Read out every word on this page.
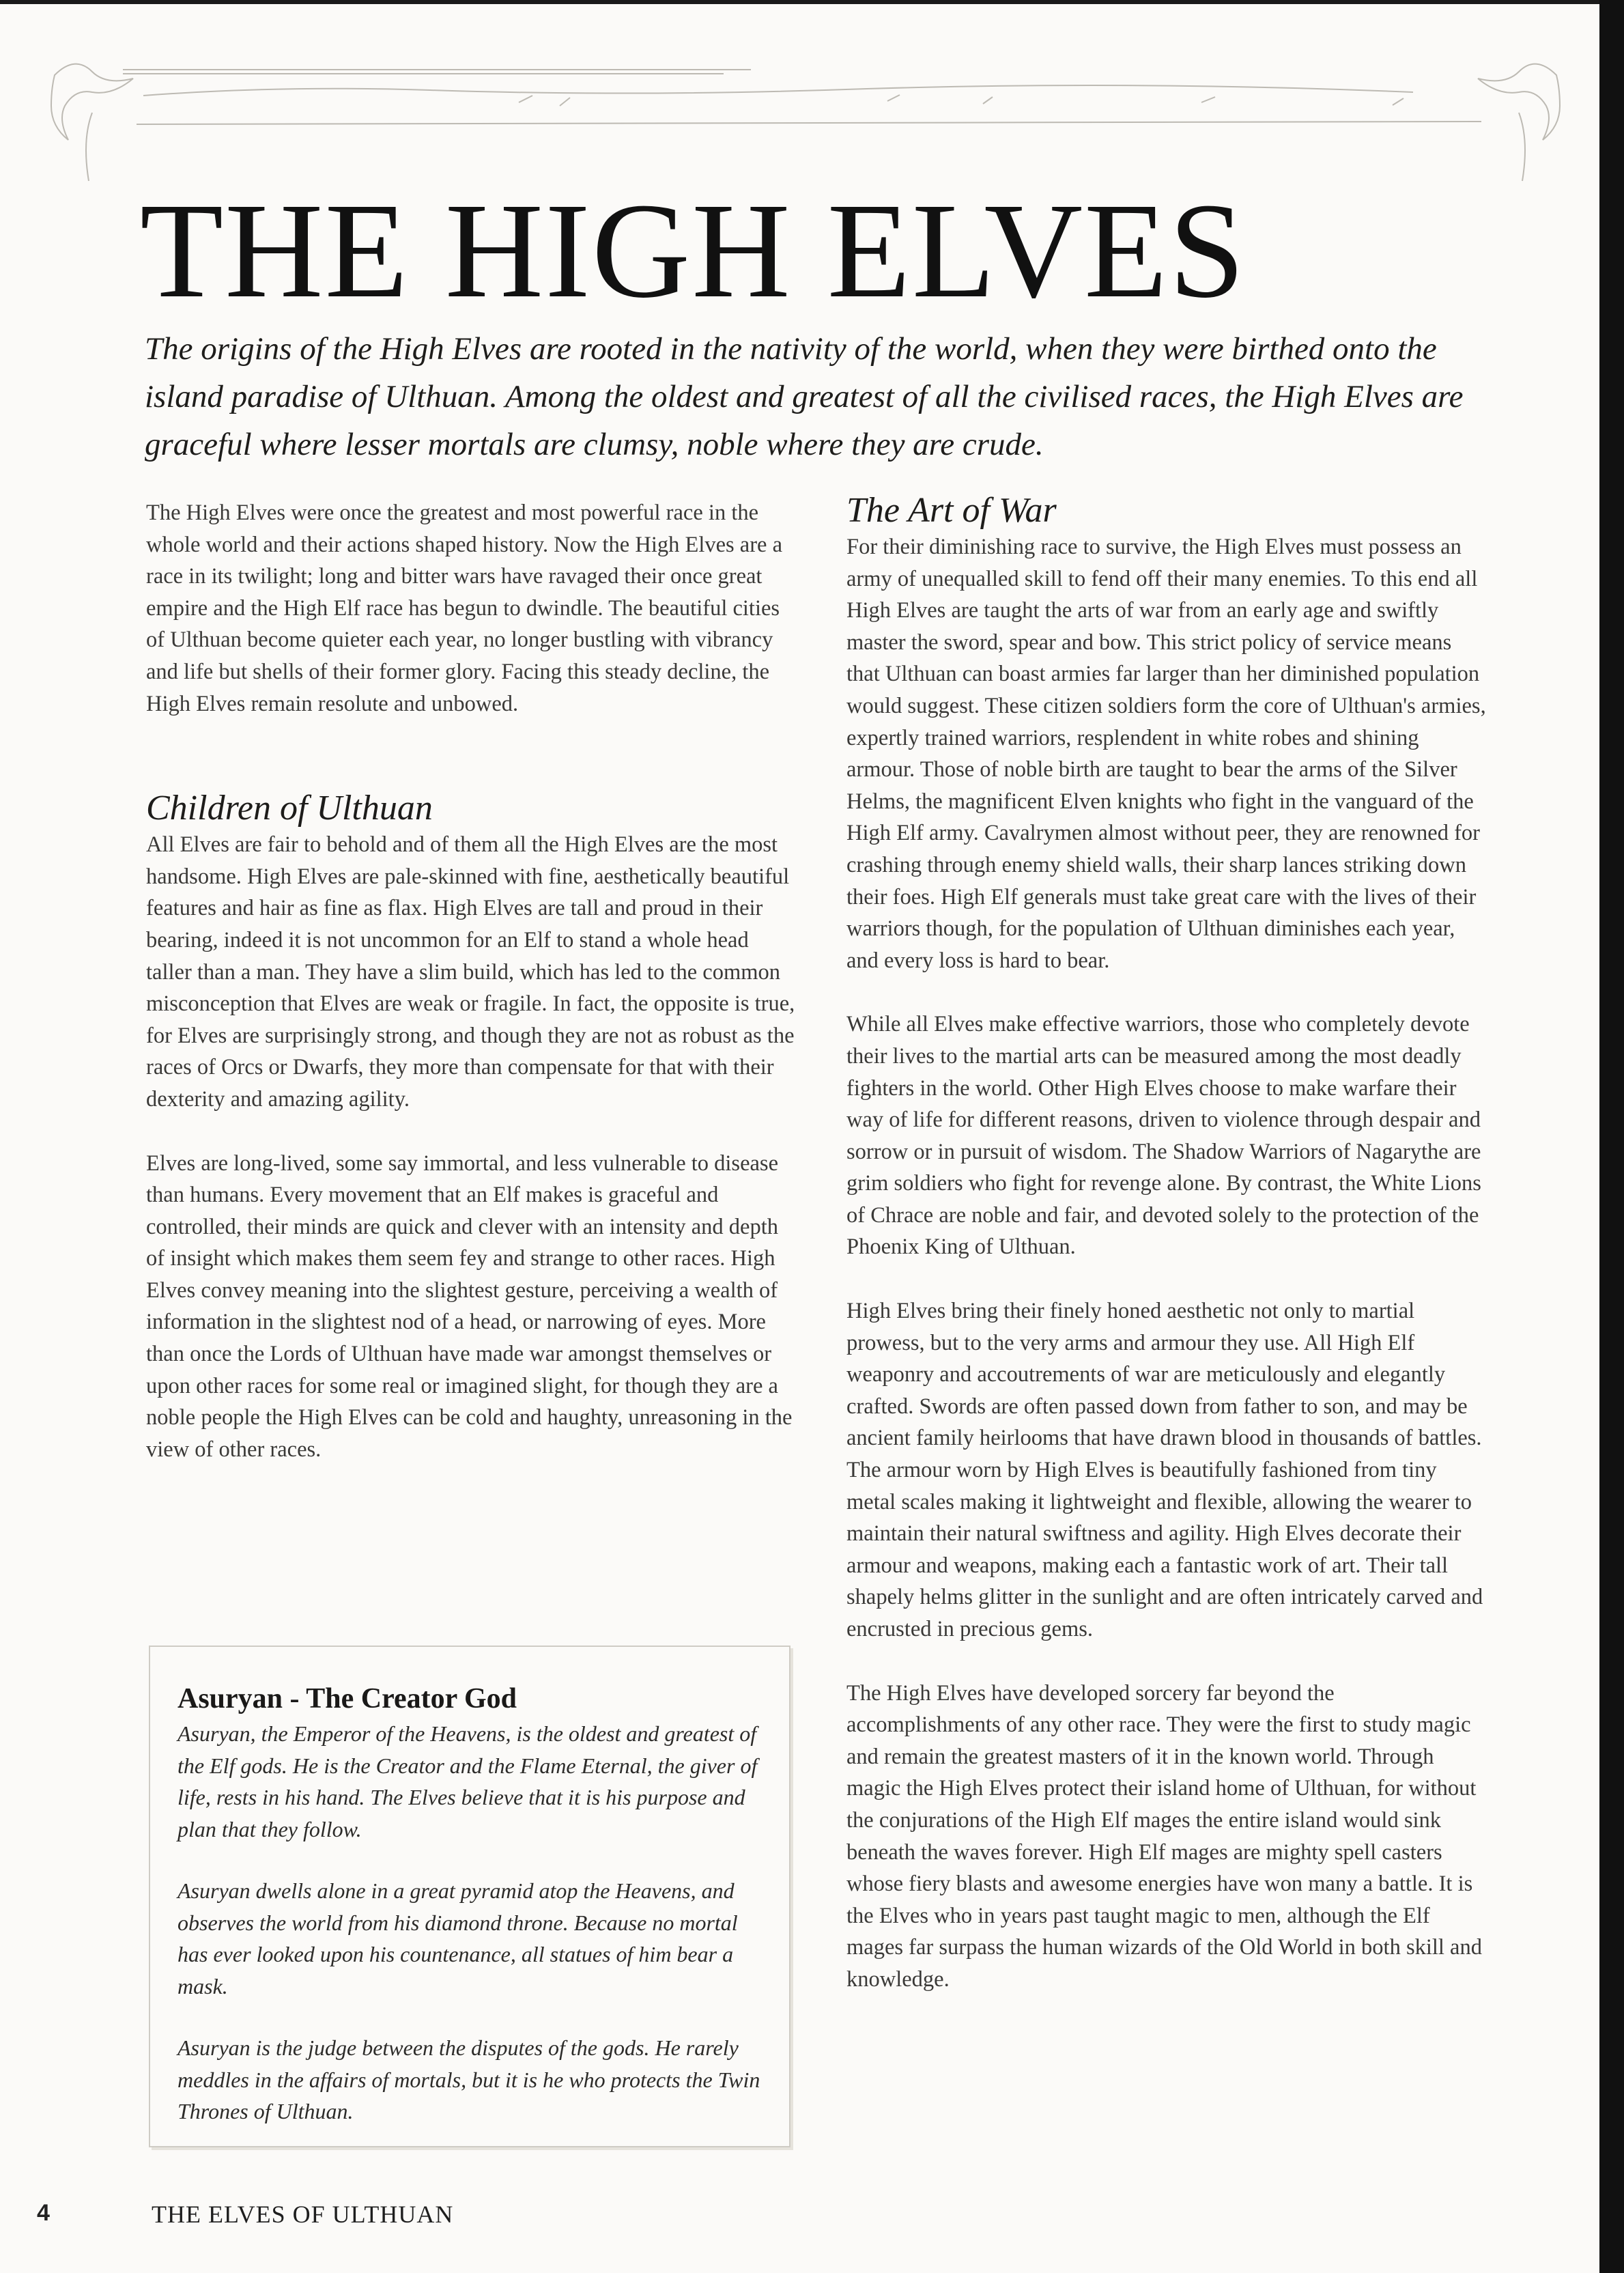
THE HIGH ELVES

The origins of the High Elves are rooted in the nativity of the world, when they were birthed onto the island paradise of Ulthuan. Among the oldest and greatest of all the civilised races, the High Elves are graceful where lesser mortals are clumsy, noble where they are crude.

The High Elves were once the greatest and most powerful race in the whole world and their actions shaped history. Now the High Elves are a race in its twilight; long and bitter wars have ravaged their once great empire and the High Elf race has begun to dwindle. The beautiful cities of Ulthuan become quieter each year, no longer bustling with vibrancy and life but shells of their former glory. Facing this steady decline, the High Elves remain resolute and unbowed.

Children of Ulthuan

All Elves are fair to behold and of them all the High Elves are the most handsome. High Elves are pale-skinned with fine, aesthetically beautiful features and hair as fine as flax. High Elves are tall and proud in their bearing, indeed it is not uncommon for an Elf to stand a whole head taller than a man. They have a slim build, which has led to the common misconception that Elves are weak or fragile. In fact, the opposite is true, for Elves are surprisingly strong, and though they are not as robust as the races of Orcs or Dwarfs, they more than compensate for that with their dexterity and amazing agility.

Elves are long-lived, some say immortal, and less vulnerable to disease than humans. Every movement that an Elf makes is graceful and controlled, their minds are quick and clever with an intensity and depth of insight which makes them seem fey and strange to other races. High Elves convey meaning into the slightest gesture, perceiving a wealth of information in the slightest nod of a head, or narrowing of eyes. More than once the Lords of Ulthuan have made war amongst themselves or upon other races for some real or imagined slight, for though they are a noble people the High Elves can be cold and haughty, unreasoning in the view of other races.

Asuryan - The Creator God

Asuryan, the Emperor of the Heavens, is the oldest and greatest of the Elf gods. He is the Creator and the Flame Eternal, the giver of life, rests in his hand. The Elves believe that it is his purpose and plan that they follow.

Asuryan dwells alone in a great pyramid atop the Heavens, and observes the world from his diamond throne. Because no mortal has ever looked upon his countenance, all statues of him bear a mask.

Asuryan is the judge between the disputes of the gods. He rarely meddles in the affairs of mortals, but it is he who protects the Twin Thrones of Ulthuan.

The Art of War

For their diminishing race to survive, the High Elves must possess an army of unequalled skill to fend off their many enemies. To this end all High Elves are taught the arts of war from an early age and swiftly master the sword, spear and bow. This strict policy of service means that Ulthuan can boast armies far larger than her diminished population would suggest. These citizen soldiers form the core of Ulthuan's armies, expertly trained warriors, resplendent in white robes and shining armour. Those of noble birth are taught to bear the arms of the Silver Helms, the magnificent Elven knights who fight in the vanguard of the High Elf army. Cavalrymen almost without peer, they are renowned for crashing through enemy shield walls, their sharp lances striking down their foes. High Elf generals must take great care with the lives of their warriors though, for the population of Ulthuan diminishes each year, and every loss is hard to bear.

While all Elves make effective warriors, those who completely devote their lives to the martial arts can be measured among the most deadly fighters in the world. Other High Elves choose to make warfare their way of life for different reasons, driven to violence through despair and sorrow or in pursuit of wisdom. The Shadow Warriors of Nagarythe are grim soldiers who fight for revenge alone. By contrast, the White Lions of Chrace are noble and fair, and devoted solely to the protection of the Phoenix King of Ulthuan.

High Elves bring their finely honed aesthetic not only to martial prowess, but to the very arms and armour they use. All High Elf weaponry and accoutrements of war are meticulously and elegantly crafted. Swords are often passed down from father to son, and may be ancient family heirlooms that have drawn blood in thousands of battles. The armour worn by High Elves is beautifully fashioned from tiny metal scales making it lightweight and flexible, allowing the wearer to maintain their natural swiftness and agility. High Elves decorate their armour and weapons, making each a fantastic work of art. Their tall shapely helms glitter in the sunlight and are often intricately carved and encrusted in precious gems.

The High Elves have developed sorcery far beyond the accomplishments of any other race. They were the first to study magic and remain the greatest masters of it in the known world. Through magic the High Elves protect their island home of Ulthuan, for without the conjurations of the High Elf mages the entire island would sink beneath the waves forever. High Elf mages are mighty spell casters whose fiery blasts and awesome energies have won many a battle. It is the Elves who in years past taught magic to men, although the Elf mages far surpass the human wizards of the Old World in both skill and knowledge.

4	THE ELVES OF ULTHUAN
